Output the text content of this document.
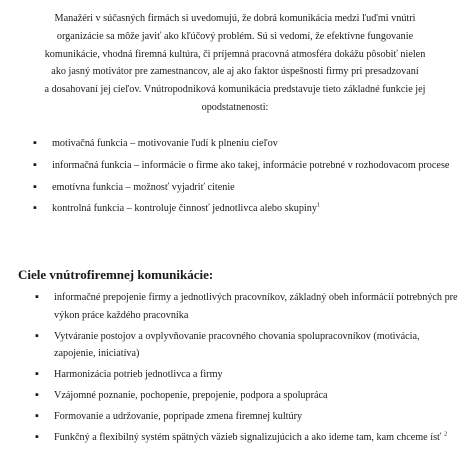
Manažéri v súčasných firmách si uvedomujú, že dobrá komunikácia medzi ľuďmi vnútri
organizácie sa môže javiť ako kľúčový problém. Sú si vedomí, že efektívne fungovanie
komunikácie, vhodná firemná kultúra, či príjemná pracovná atmosféra dokážu pôsobiť nielen
ako jasný motivátor pre zamestnancov, ale aj ako faktor úspešnosti firmy pri presadzovaní
a dosahovaní jej cieľov. Vnútropodniková komunikácia predstavuje tieto základné funkcie jej
opodstatnenosti:
▪ motivačná funkcia – motivovanie ľudí k plneniu cieľov
▪ informačná funkcia – informácie o firme ako takej, informácie potrebné v rozhodovacom procese
▪ emotívna funkcia – možnosť vyjadriť citenie
▪ kontrolná funkcia – kontroluje činnosť jednotlivca alebo skupiny$^1$
Ciele vnútrofiremnej komunikácie:
▪ informačné prepojenie firmy a jednotlivých pracovníkov, základný obeh informácií potrebných pre výkon práce každého pracovníka
▪ Vytváranie postojov a ovplyvňovanie pracovného chovania spolupracovníkov (motivácia, zapojenie, iniciatíva)
▪ Harmonizácia potrieb jednotlivca a firmy
▪ Vzájomné poznanie, pochopenie, prepojenie, podpora a spolupráca
▪ Formovanie a udržovanie, poprípade zmena firemnej kultúry
▪ Funkčný a flexibilný systém spätných väzieb signalizujúcich a ako ideme tam, kam chceme ísť $^2$
